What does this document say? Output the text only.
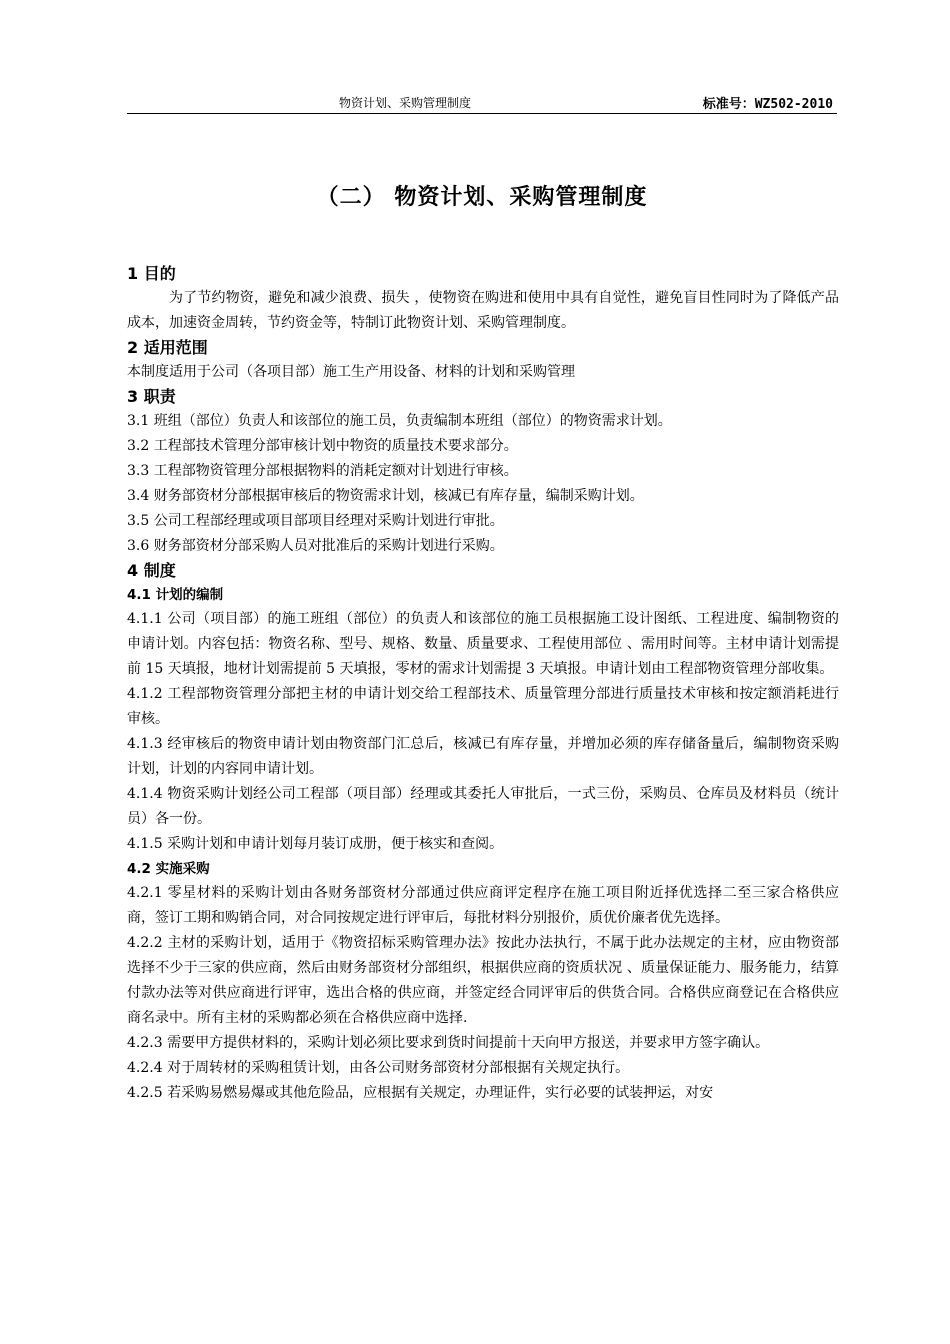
物资计划、采购管理制度	标准号：WZ502-2010
（二） 物资计划、采购管理制度
1 目的

为了节约物资，避免和减少浪费、损失 ，使物资在购进和使用中具有自觉性，避免盲目性同时为了降低产品成本，加速资金周转，节约资金等，特制订此物资计划、采购管理制度。

2 适用范围

本制度适用于公司（各项目部）施工生产用设备、材料的计划和采购管理

3 职责

3.1 班组（部位）负责人和该部位的施工员，负责编制本班组（部位）的物资需求计划。

3.2 工程部技术管理分部审核计划中物资的质量技术要求部分。

3.3 工程部物资管理分部根据物料的消耗定额对计划进行审核。

3.4 财务部资材分部根据审核后的物资需求计划，核减已有库存量，编制采购计划。

3.5 公司工程部经理或项目部项目经理对采购计划进行审批。

3.6 财务部资材分部采购人员对批准后的采购计划进行采购。

4 制度
4.1 计划的编制

4.1.1 公司（项目部）的施工班组（部位）的负责人和该部位的施工员根据施工设计图纸、工程进度、编制物资的申请计划。内容包括：物资名称、型号、规格、数量、质量要求、工程使用部位 、需用时间等。主材申请计划需提前 15 天填报，地材计划需提前 5 天填报，零材的需求计划需提 3 天填报。申请计划由工程部物资管理分部收集。

4.1.2 工程部物资管理分部把主材的申请计划交给工程部技术、质量管理分部进行质量技术审核和按定额消耗进行审核。

4.1.3 经审核后的物资申请计划由物资部门汇总后，核减已有库存量，并增加必须的库存储备量后，编制物资采购计划，计划的内容同申请计划。

4.1.4 物资采购计划经公司工程部（项目部）经理或其委托人审批后，一式三份，采购员、仓库员及材料员（统计员）各一份。

4.1.5 采购计划和申请计划每月装订成册，便于核实和查阅。

4.2 实施采购

4.2.1 零星材料的采购计划由各财务部资材分部通过供应商评定程序在施工项目附近择优选择二至三家合格供应商，签订工期和购销合同，对合同按规定进行评审后，每批材料分别报价，质优价廉者优先选择。

4.2.2 主材的采购计划，适用于《物资招标采购管理办法》按此办法执行，不属于此办法规定的主材，应由物资部选择不少于三家的供应商，然后由财务部资材分部组织，根据供应商的资质状况 、质量保证能力、服务能力，结算付款办法等对供应商进行评审，选出合格的供应商，并签定经合同评审后的供货合同。合格供应商登记在合格供应商名录中。所有主材的采购都必须在合格供应商中选择.

4.2.3 需要甲方提供材料的，采购计划必须比要求到货时间提前十天向甲方报送，并要求甲方签字确认。

4.2.4 对于周转材的采购租赁计划，由各公司财务部资材分部根据有关规定执行。

4.2.5 若采购易燃易爆或其他危险品，应根据有关规定，办理证件，实行必要的试装押运，对安
